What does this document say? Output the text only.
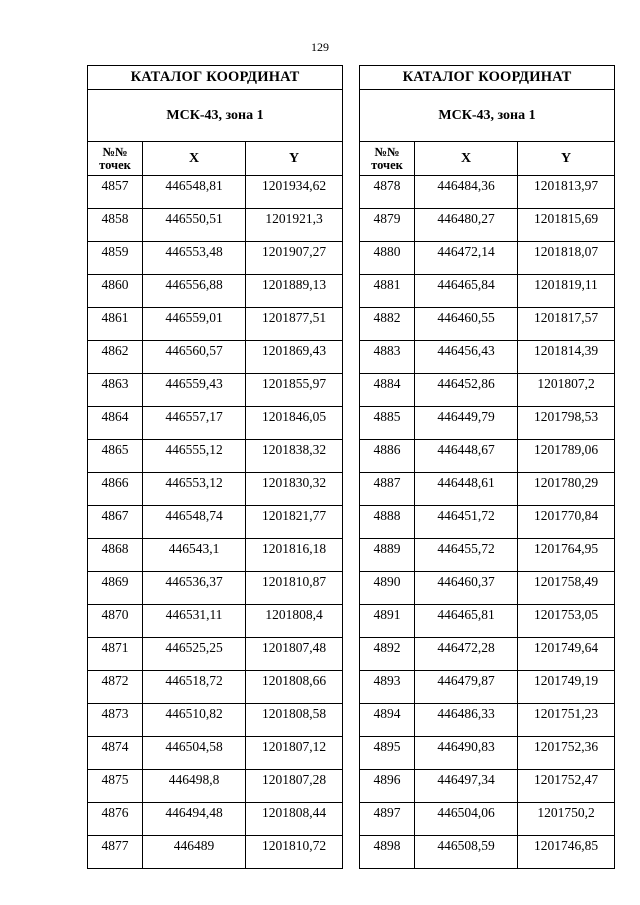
129
КАТАЛОГ КООРДИНАТ		
МСК-43, зона 1		
№№
точек	X	Y
4857	446548,81	1201934,62
4858	446550,51	1201921,3
4859	446553,48	1201907,27
4860	446556,88	1201889,13
4861	446559,01	1201877,51
4862	446560,57	1201869,43
4863	446559,43	1201855,97
4864	446557,17	1201846,05
4865	446555,12	1201838,32
4866	446553,12	1201830,32
4867	446548,74	1201821,77
4868	446543,1	1201816,18
4869	446536,37	1201810,87
4870	446531,11	1201808,4
4871	446525,25	1201807,48
4872	446518,72	1201808,66
4873	446510,82	1201808,58
4874	446504,58	1201807,12
4875	446498,8	1201807,28
4876	446494,48	1201808,44
4877	446489	1201810,72
КАТАЛОГ КООРДИНАТ		
МСК-43, зона 1		
№№
точек	X	Y
4878	446484,36	1201813,97
4879	446480,27	1201815,69
4880	446472,14	1201818,07
4881	446465,84	1201819,11
4882	446460,55	1201817,57
4883	446456,43	1201814,39
4884	446452,86	1201807,2
4885	446449,79	1201798,53
4886	446448,67	1201789,06
4887	446448,61	1201780,29
4888	446451,72	1201770,84
4889	446455,72	1201764,95
4890	446460,37	1201758,49
4891	446465,81	1201753,05
4892	446472,28	1201749,64
4893	446479,87	1201749,19
4894	446486,33	1201751,23
4895	446490,83	1201752,36
4896	446497,34	1201752,47
4897	446504,06	1201750,2
4898	446508,59	1201746,85
